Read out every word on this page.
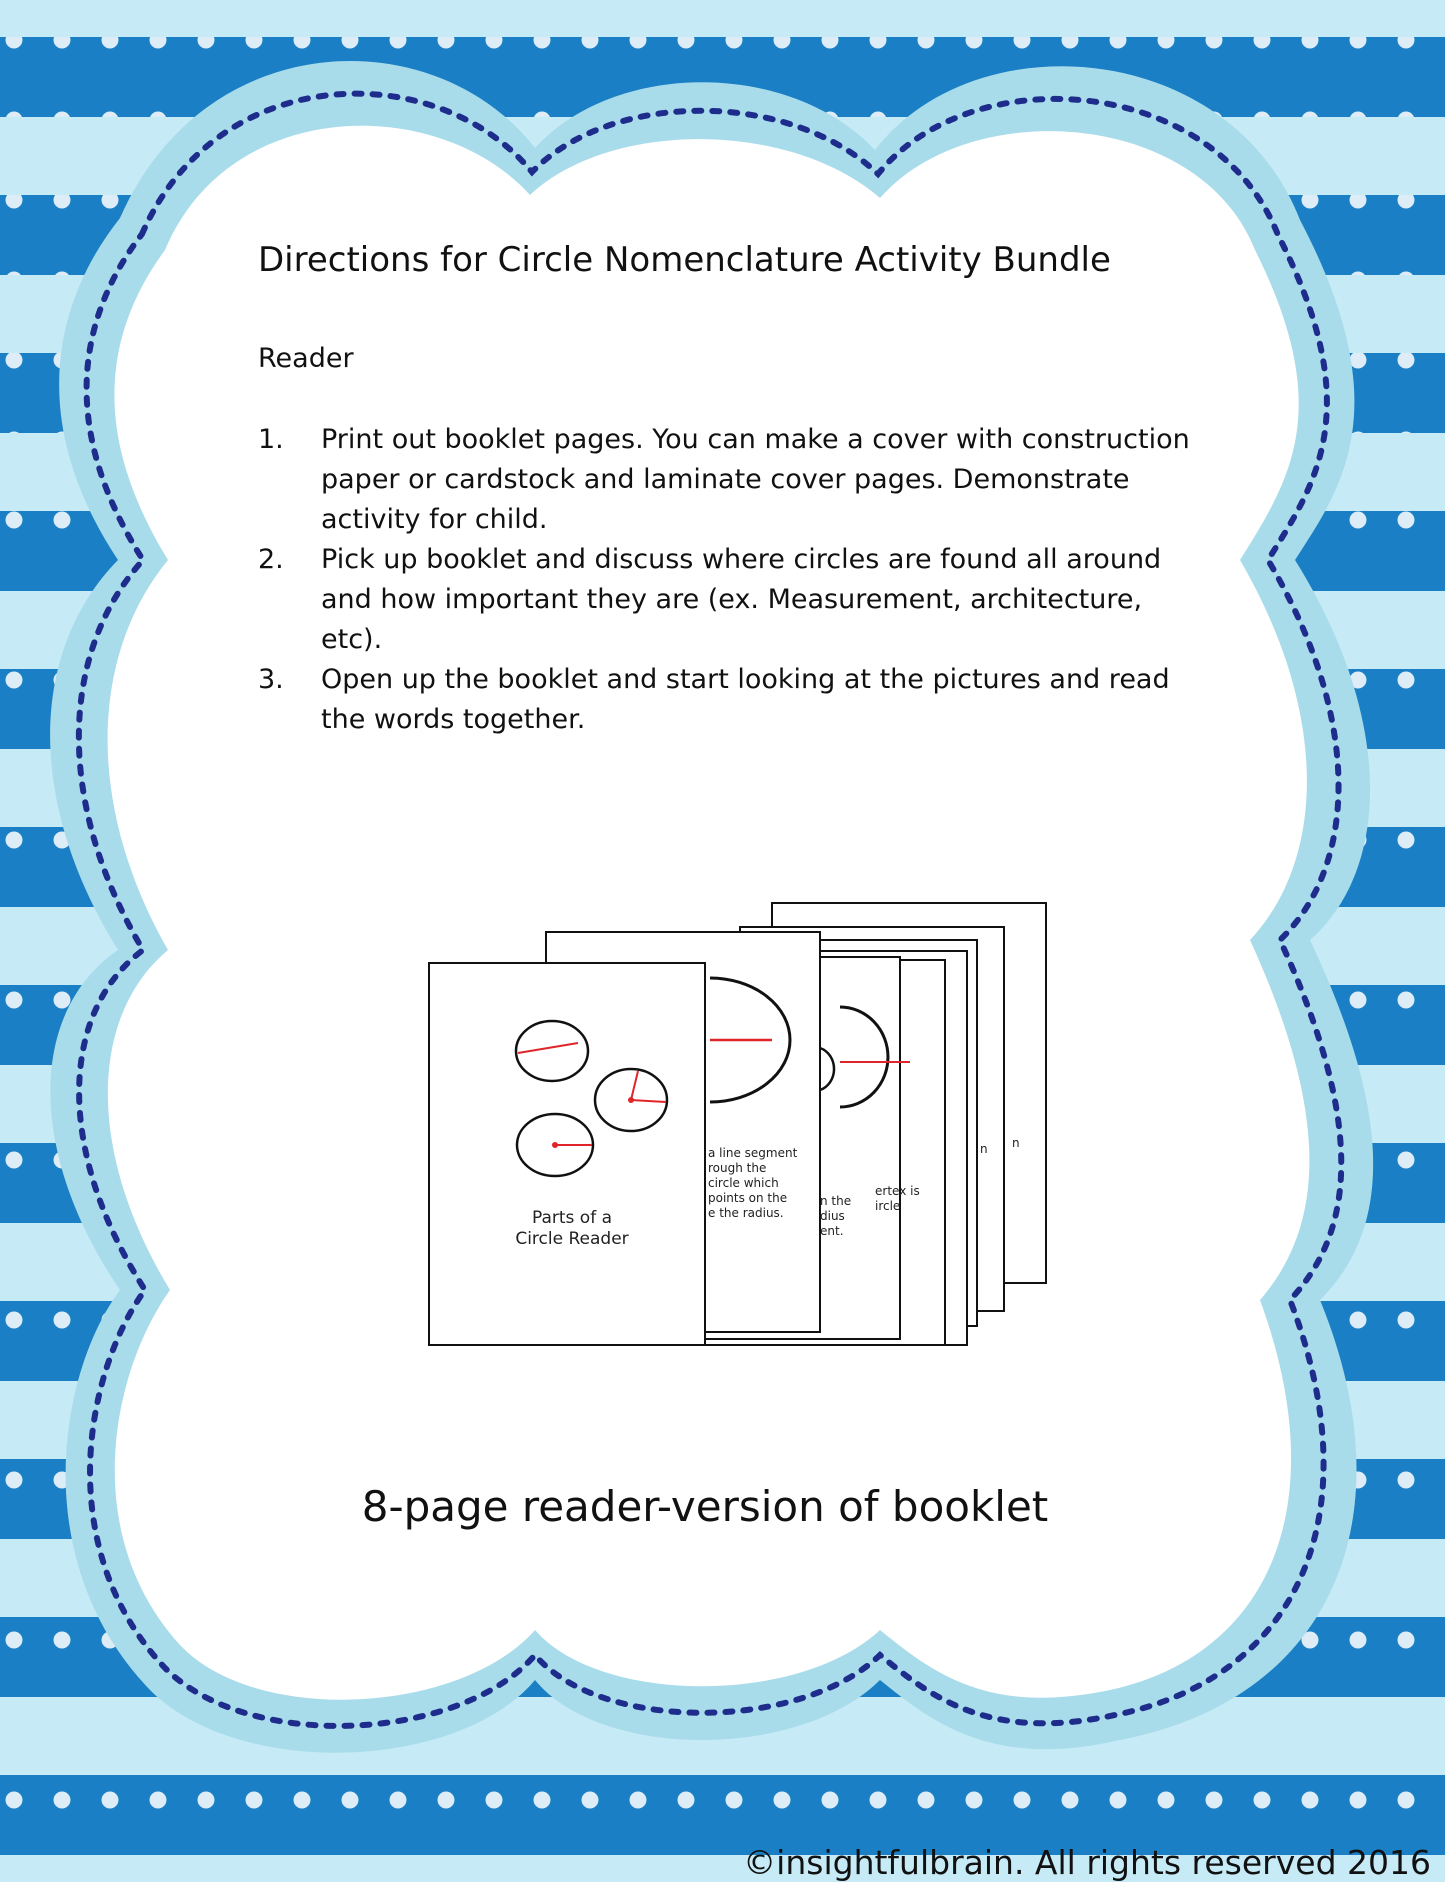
Directions for Circle Nomenclature Activity Bundle
Reader
1. Print out booklet pages. You can make a cover with construction paper or cardstock and laminate cover pages. Demonstrate activity for child.
2. Pick up booklet and discuss where circles are found all around and how important they are (ex. Measurement, architecture, etc).
3. Open up the booklet and start looking at the pictures and read the words together.
a line segment
rough the
circle which
points on the
e the radius.
n the
dius
ent.
ertex is
ircle
n n
Parts of a
Circle Reader
8-page reader-version of booklet
©insightfulbrain. All rights reserved 2016
